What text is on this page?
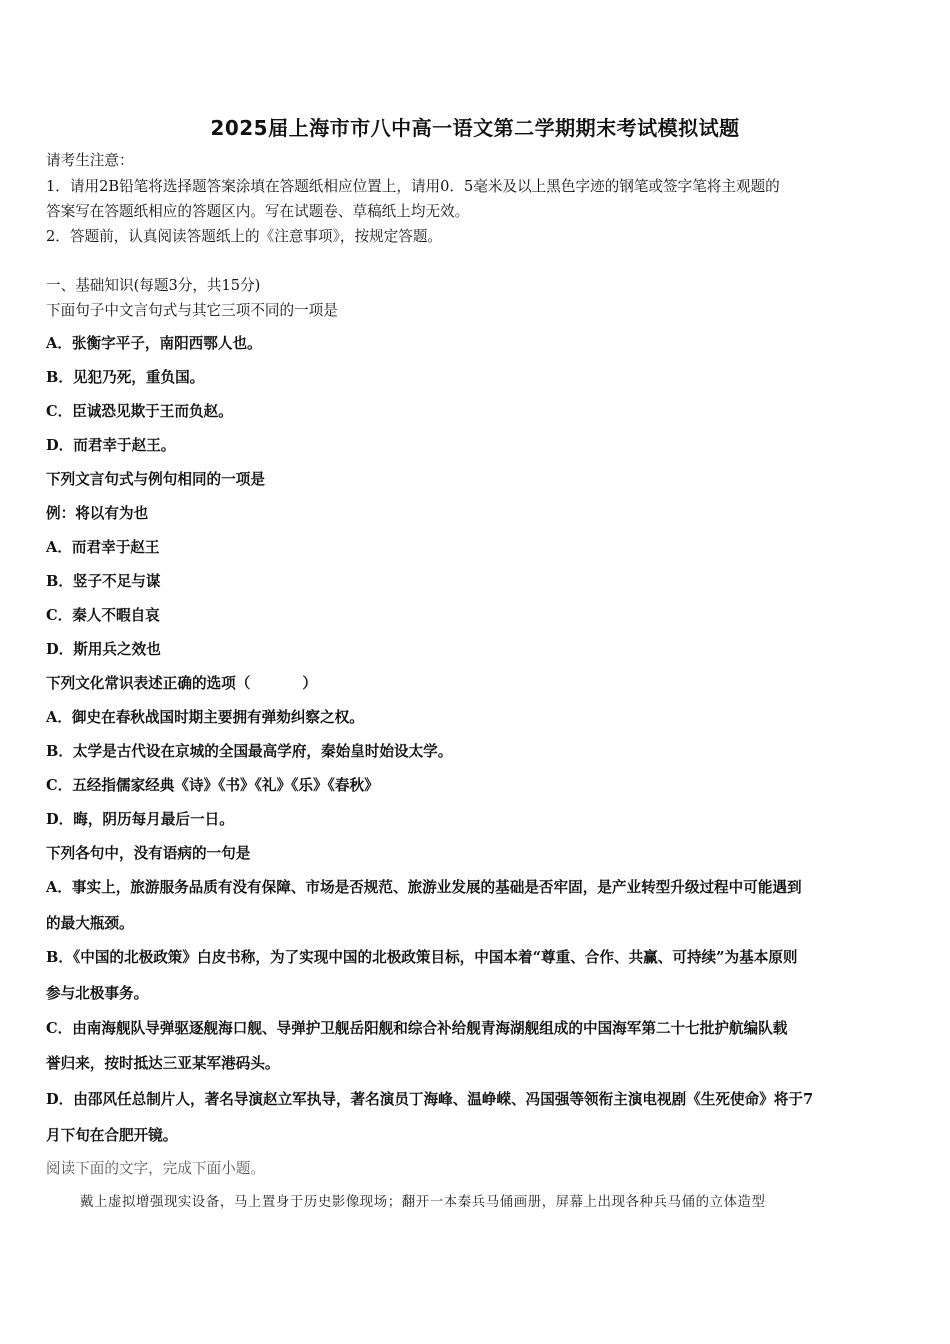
2025届上海市市八中高一语文第二学期期末考试模拟试题
请考生注意：
1．请用2B铅笔将选择题答案涂填在答题纸相应位置上，请用0．5毫米及以上黑色字迹的钢笔或签字笔将主观题的
答案写在答题纸相应的答题区内。写在试题卷、草稿纸上均无效。
2．答题前，认真阅读答题纸上的《注意事项》，按规定答题。
一、基础知识(每题3分，共15分)
下面句子中文言句式与其它三项不同的一项是
A．张衡字平子，南阳西鄂人也。
B．见犯乃死，重负国。
C．臣诚恐见欺于王而负赵。
D．而君幸于赵王。
下列文言句式与例句相同的一项是
例：将以有为也
A．而君幸于赵王
B．竖子不足与谋
C．秦人不暇自哀
D．斯用兵之效也
下列文化常识表述正确的选项（	）
A．御史在春秋战国时期主要拥有弹劾纠察之权。
B．太学是古代设在京城的全国最高学府，秦始皇时始设太学。
C．五经指儒家经典《诗》《书》《礼》《乐》《春秋》
D．晦，阴历每月最后一日。
下列各句中，没有语病的一句是
A．事实上，旅游服务品质有没有保障、市场是否规范、旅游业发展的基础是否牢固，是产业转型升级过程中可能遇到
的最大瓶颈。
B．《中国的北极政策》白皮书称，为了实现中国的北极政策目标，中国本着“尊重、合作、共赢、可持续”为基本原则
参与北极事务。
C．由南海舰队导弹驱逐舰海口舰、导弹护卫舰岳阳舰和综合补给舰青海湖舰组成的中国海军第二十七批护航编队载
誉归来，按时抵达三亚某军港码头。
D．由邵风任总制片人，著名导演赵立军执导，著名演员丁海峰、温峥嵘、冯国强等领衔主演电视剧《生死使命》将于7
月下旬在合肥开镜。
阅读下面的文字，完成下面小题。
戴上虚拟增强现实设备，马上置身于历史影像现场；翻开一本秦兵马俑画册，屏幕上出现各种兵马俑的立体造型
